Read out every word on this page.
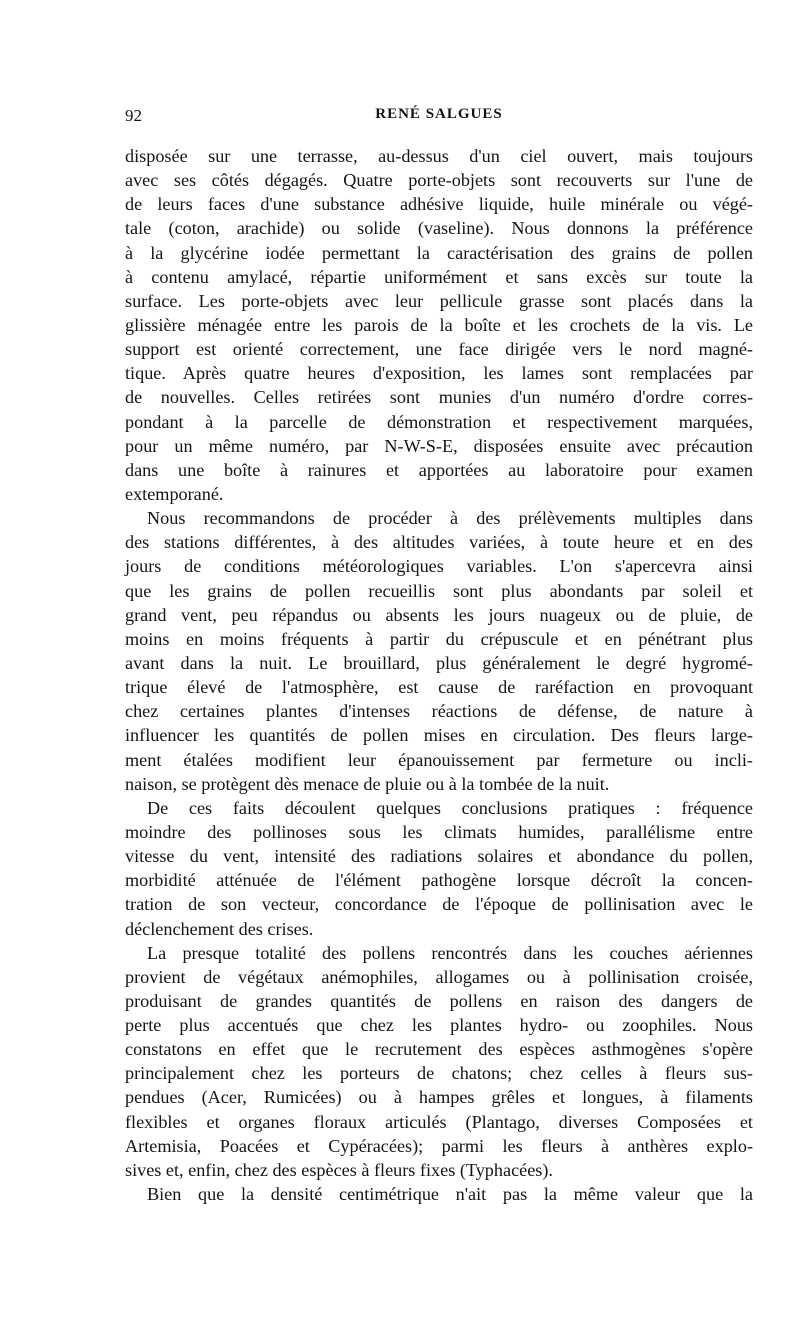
92	RENÉ SALGUES
disposée sur une terrasse, au-dessus d'un ciel ouvert, mais toujours
avec ses côtés dégagés. Quatre porte-objets sont recouverts sur l'une de
de leurs faces d'une substance adhésive liquide, huile minérale ou végé-
tale (coton, arachide) ou solide (vaseline). Nous donnons la préférence
à la glycérine iodée permettant la caractérisation des grains de pollen
à contenu amylacé, répartie uniformément et sans excès sur toute la
surface. Les porte-objets avec leur pellicule grasse sont placés dans la
glissière ménagée entre les parois de la boîte et les crochets de la vis. Le
support est orienté correctement, une face dirigée vers le nord magné-
tique. Après quatre heures d'exposition, les lames sont remplacées par
de nouvelles. Celles retirées sont munies d'un numéro d'ordre corres-
pondant à la parcelle de démonstration et respectivement marquées,
pour un même numéro, par N-W-S-E, disposées ensuite avec précaution
dans une boîte à rainures et apportées au laboratoire pour examen
extemporané.
Nous recommandons de procéder à des prélèvements multiples dans
des stations différentes, à des altitudes variées, à toute heure et en des
jours de conditions météorologiques variables. L'on s'apercevra ainsi
que les grains de pollen recueillis sont plus abondants par soleil et
grand vent, peu répandus ou absents les jours nuageux ou de pluie, de
moins en moins fréquents à partir du crépuscule et en pénétrant plus
avant dans la nuit. Le brouillard, plus généralement le degré hygromé-
trique élevé de l'atmosphère, est cause de raréfaction en provoquant
chez certaines plantes d'intenses réactions de défense, de nature à
influencer les quantités de pollen mises en circulation. Des fleurs large-
ment étalées modifient leur épanouissement par fermeture ou incli-
naison, se protègent dès menace de pluie ou à la tombée de la nuit.
De ces faits découlent quelques conclusions pratiques : fréquence
moindre des pollinoses sous les climats humides, parallélisme entre
vitesse du vent, intensité des radiations solaires et abondance du pollen,
morbidité atténuée de l'élément pathogène lorsque décroît la concen-
tration de son vecteur, concordance de l'époque de pollinisation avec le
déclenchement des crises.
La presque totalité des pollens rencontrés dans les couches aériennes
provient de végétaux anémophiles, allogames ou à pollinisation croisée,
produisant de grandes quantités de pollens en raison des dangers de
perte plus accentués que chez les plantes hydro- ou zoophiles. Nous
constatons en effet que le recrutement des espèces asthmogènes s'opère
principalement chez les porteurs de chatons; chez celles à fleurs sus-
pendues (Acer, Rumicées) ou à hampes grêles et longues, à filaments
flexibles et organes floraux articulés (Plantago, diverses Composées et
Artemisia, Poacées et Cypéracées); parmi les fleurs à anthères explo-
sives et, enfin, chez des espèces à fleurs fixes (Typhacées).
Bien que la densité centimétrique n'ait pas la même valeur que la
